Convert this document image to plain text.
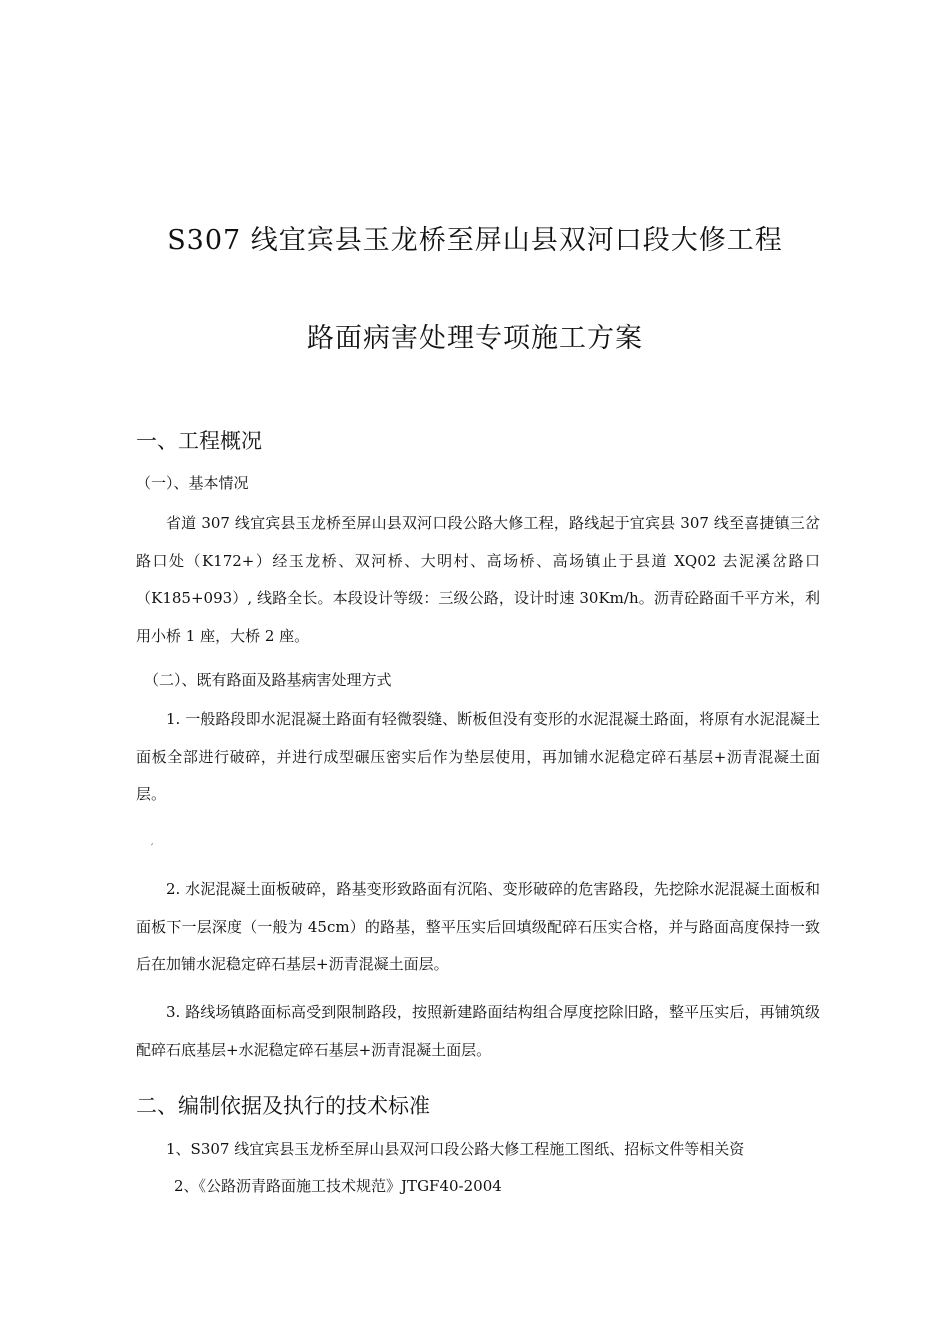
S307 线宜宾县玉龙桥至屏山县双河口段大修工程
路面病害处理专项施工方案
一、工程概况
（一）、基本情况

省道 307 线宜宾县玉龙桥至屏山县双河口段公路大修工程，路线起于宜宾县 307 线至喜捷镇三岔路口处（K172+）经玉龙桥、双河桥、大明村、高场桥、高场镇止于县道 XQ02 去泥溪岔路口（K185+093）, 线路全长。本段设计等级：三级公路，设计时速 30Km/h。沥青砼路面千平方米，利用小桥 1 座，大桥 2 座。

（二）、既有路面及路基病害处理方式

1. 一般路段即水泥混凝土路面有轻微裂缝、断板但没有变形的水泥混凝土路面，将原有水泥混凝土面板全部进行破碎，并进行成型碾压密实后作为垫层使用，再加铺水泥稳定碎石基层+沥青混凝土面层。

′

2. 水泥混凝土面板破碎，路基变形致路面有沉陷、变形破碎的危害路段，先挖除水泥混凝土面板和面板下一层深度（一般为 45cm）的路基，整平压实后回填级配碎石压实合格，并与路面高度保持一致后在加铺水泥稳定碎石基层+沥青混凝土面层。

3. 路线场镇路面标高受到限制路段，按照新建路面结构组合厚度挖除旧路，整平压实后，再铺筑级配碎石底基层+水泥稳定碎石基层+沥青混凝土面层。

二、编制依据及执行的技术标准
1、S307 线宜宾县玉龙桥至屏山县双河口段公路大修工程施工图纸、招标文件等相关资
2、《公路沥青路面施工技术规范》JTGF40-2004
